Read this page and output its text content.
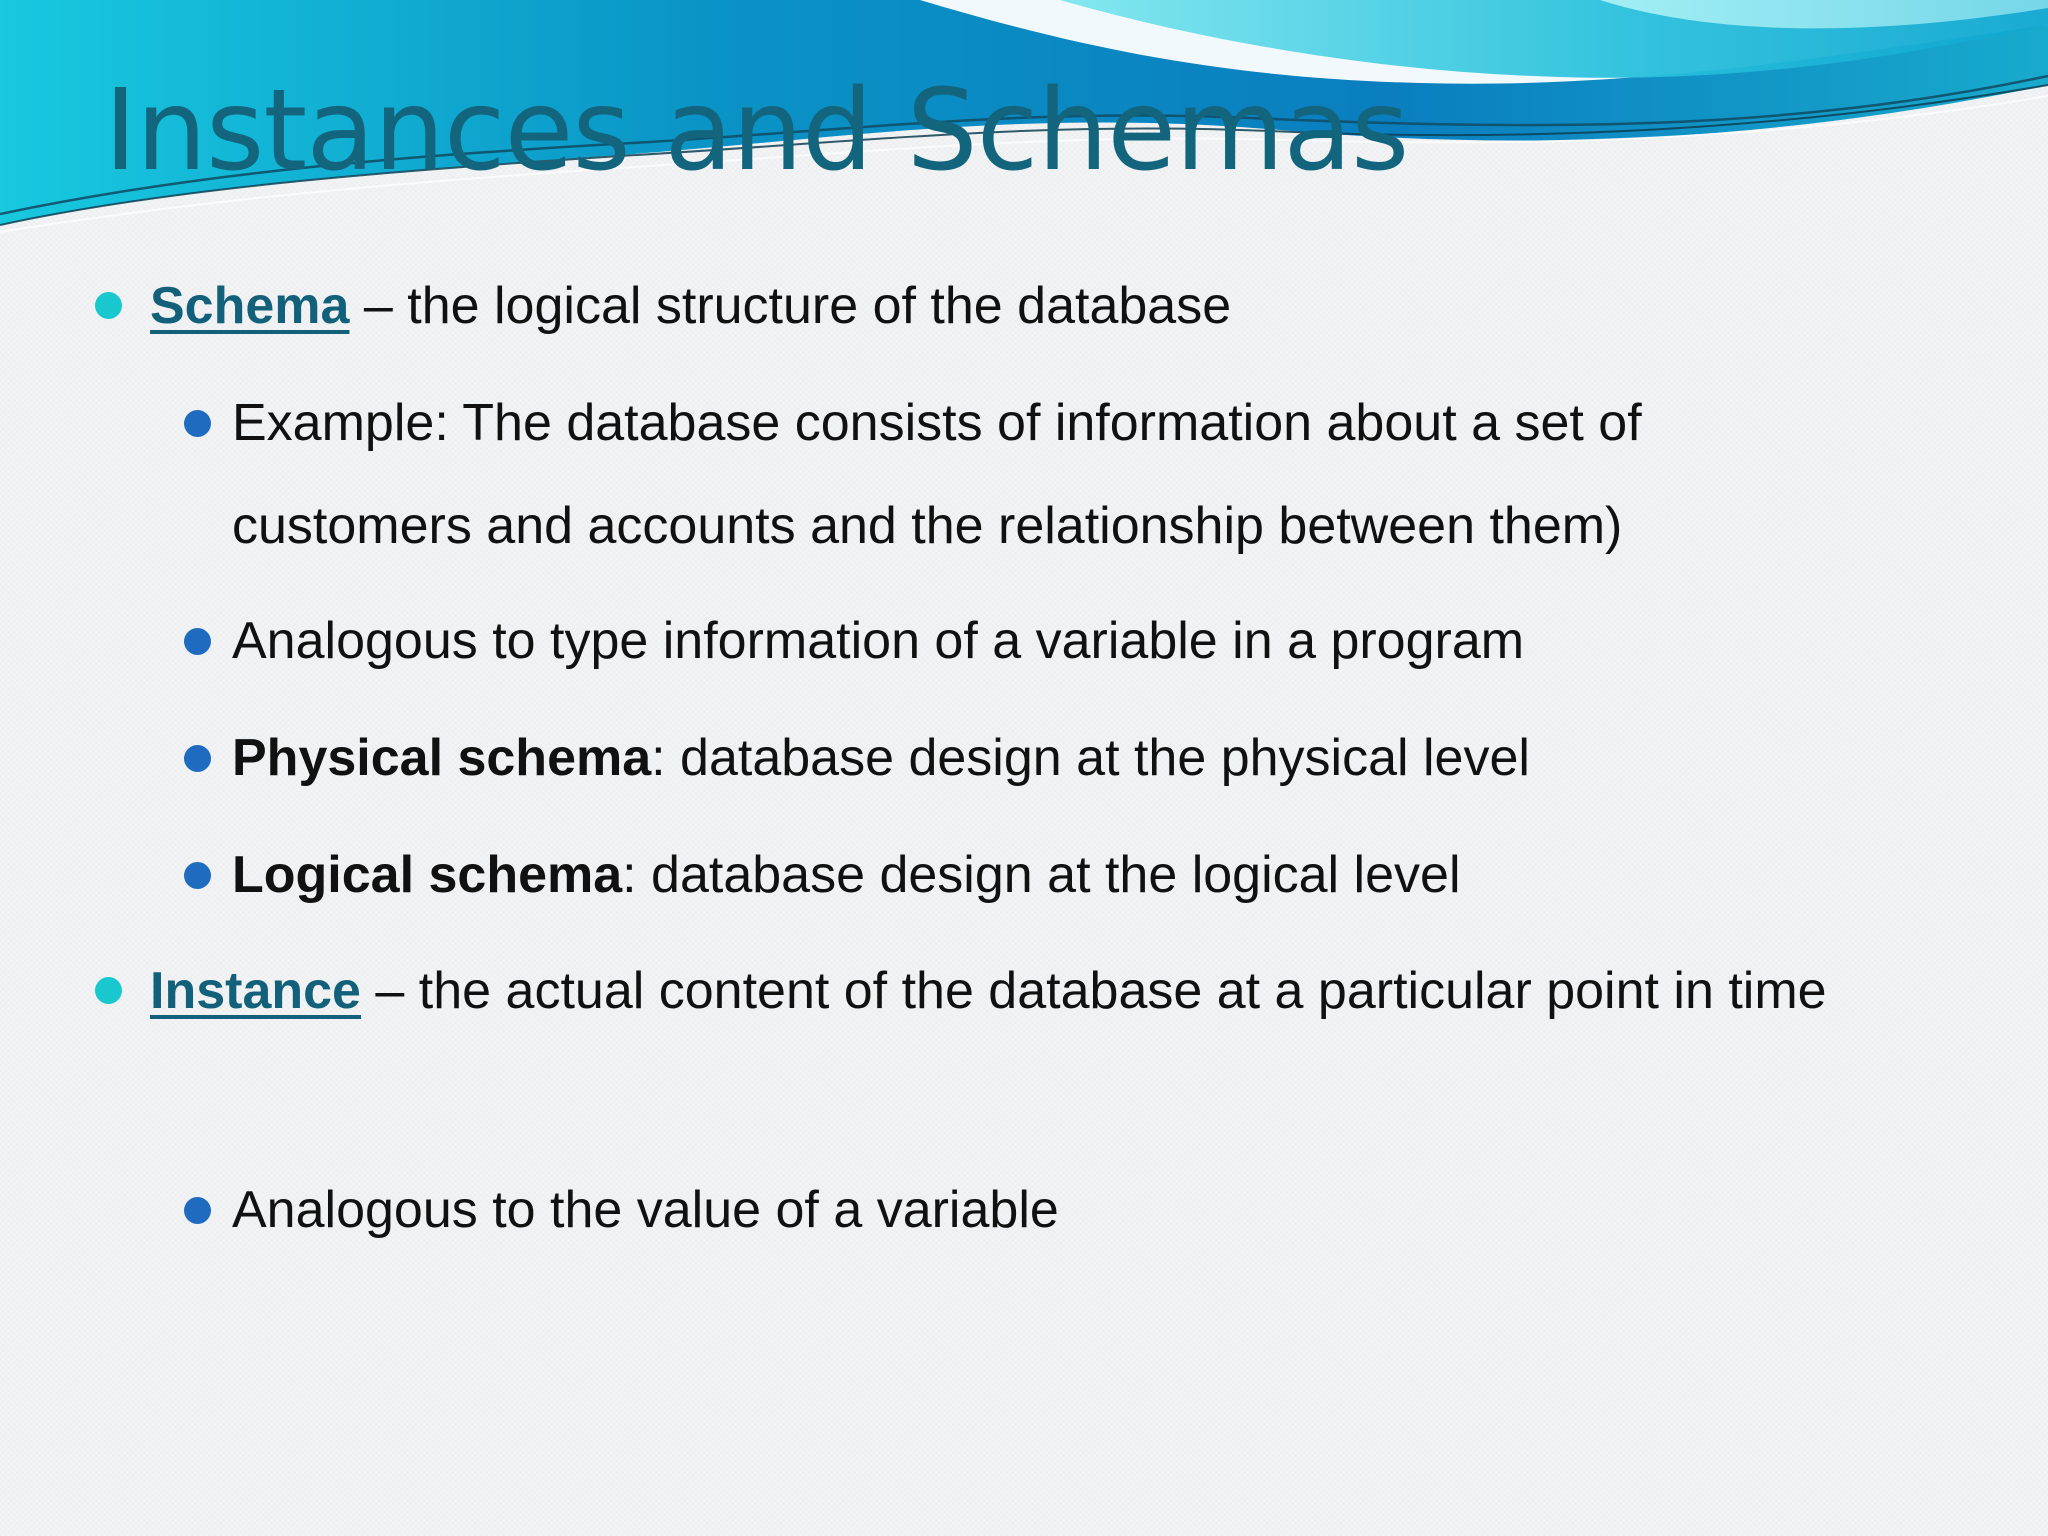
Instances and Schemas
Schema – the logical structure of the database
Example: The database consists of information about a set of customers and accounts and the relationship between them)
Analogous to type information of a variable in a program
Physical schema: database design at the physical level
Logical schema: database design at the logical level
Instance – the actual content of the database at a particular point in time
Analogous to the value of a variable
